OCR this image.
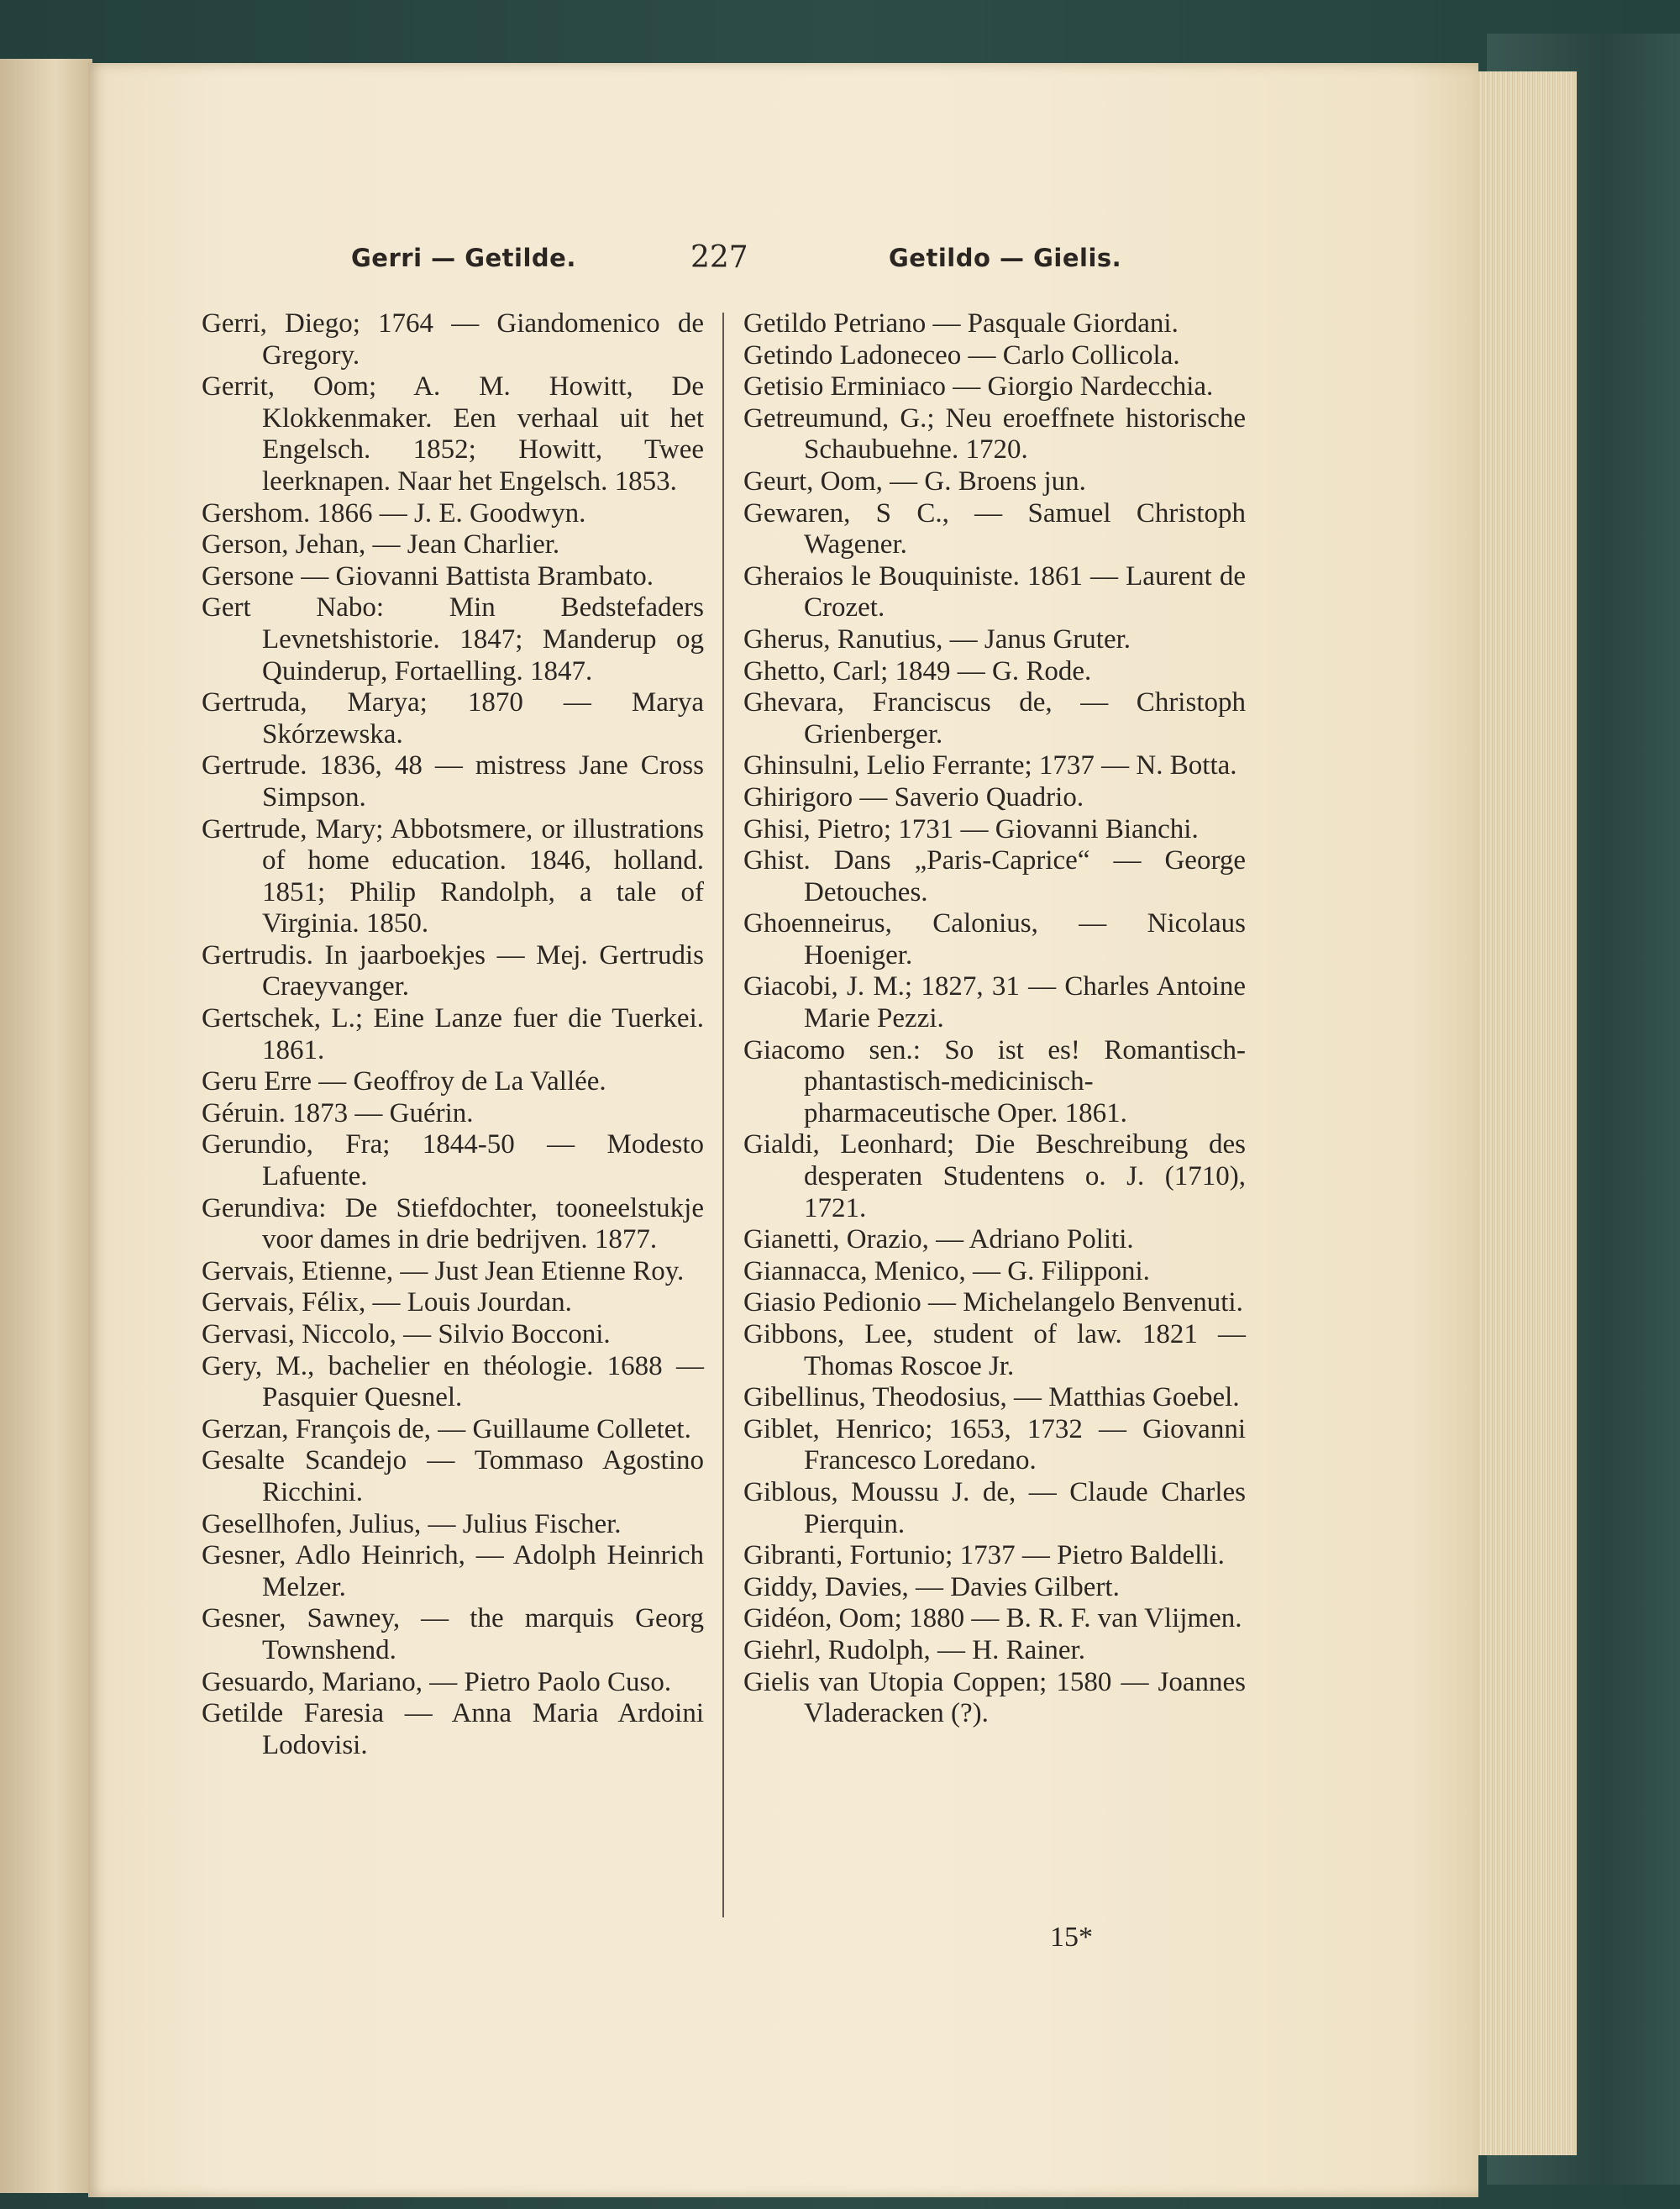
Gerri — Getilde.	227	Getildo — Gielis.
Gerri, Diego; 1764 — Giandomenico de Gregory.
Gerrit, Oom; A. M. Howitt, De Klokkenmaker. Een verhaal uit het Engelsch. 1852; Howitt, Twee leerknapen. Naar het Engelsch. 1853.
Gershom. 1866 — J. E. Goodwyn.
Gerson, Jehan, — Jean Charlier.
Gersone — Giovanni Battista Brambato.
Gert Nabo: Min Bedstefaders Levnetshistorie. 1847; Manderup og Quinderup, Fortaelling. 1847.
Gertruda, Marya; 1870 — Marya Skórzewska.
Gertrude. 1836, 48 — mistress Jane Cross Simpson.
Gertrude, Mary; Abbotsmere, or illustrations of home education. 1846, holland. 1851; Philip Randolph, a tale of Virginia. 1850.
Gertrudis. In jaarboekjes — Mej. Gertrudis Craeyvanger.
Gertschek, L.; Eine Lanze fuer die Tuerkei. 1861.
Geru Erre — Geoffroy de La Vallée.
Géruin. 1873 — Guérin.
Gerundio, Fra; 1844-50 — Modesto Lafuente.
Gerundiva: De Stiefdochter, tooneelstukje voor dames in drie bedrijven. 1877.
Gervais, Etienne, — Just Jean Etienne Roy.
Gervais, Félix, — Louis Jourdan.
Gervasi, Niccolo, — Silvio Bocconi.
Gery, M., bachelier en théologie. 1688 — Pasquier Quesnel.
Gerzan, François de, — Guillaume Colletet.
Gesalte Scandejo — Tommaso Agostino Ricchini.
Gesellhofen, Julius, — Julius Fischer.
Gesner, Adlo Heinrich, — Adolph Heinrich Melzer.
Gesner, Sawney, — the marquis Georg Townshend.
Gesuardo, Mariano, — Pietro Paolo Cuso.
Getilde Faresia — Anna Maria Ardoini Lodovisi.
Getildo Petriano — Pasquale Giordani.
Getindo Ladoneceo — Carlo Collicola.
Getisio Erminiaco — Giorgio Nardecchia.
Getreumund, G.; Neu eroeffnete historische Schaubuehne. 1720.
Geurt, Oom, — G. Broens jun.
Gewaren, S C., — Samuel Christoph Wagener.
Gheraios le Bouquiniste. 1861 — Laurent de Crozet.
Gherus, Ranutius, — Janus Gruter.
Ghetto, Carl; 1849 — G. Rode.
Ghevara, Franciscus de, — Christoph Grienberger.
Ghinsulni, Lelio Ferrante; 1737 — N. Botta.
Ghirigoro — Saverio Quadrio.
Ghisi, Pietro; 1731 — Giovanni Bianchi.
Ghist. Dans „Paris-Caprice“ — George Detouches.
Ghoenneirus, Calonius, — Nicolaus Hoeniger.
Giacobi, J. M.; 1827, 31 — Charles Antoine Marie Pezzi.
Giacomo sen.: So ist es! Romantisch-phantastisch-medicinisch-pharmaceutische Oper. 1861.
Gialdi, Leonhard; Die Beschreibung des desperaten Studentens o. J. (1710), 1721.
Gianetti, Orazio, — Adriano Politi.
Giannacca, Menico, — G. Filipponi.
Giasio Pedionio — Michelangelo Benvenuti.
Gibbons, Lee, student of law. 1821 — Thomas Roscoe Jr.
Gibellinus, Theodosius, — Matthias Goebel.
Giblet, Henrico; 1653, 1732 — Giovanni Francesco Loredano.
Giblous, Moussu J. de, — Claude Charles Pierquin.
Gibranti, Fortunio; 1737 — Pietro Baldelli.
Giddy, Davies, — Davies Gilbert.
Gidéon, Oom; 1880 — B. R. F. van Vlijmen.
Giehrl, Rudolph, — H. Rainer.
Gielis van Utopia Coppen; 1580 — Joannes Vladeracken (?).
15*
